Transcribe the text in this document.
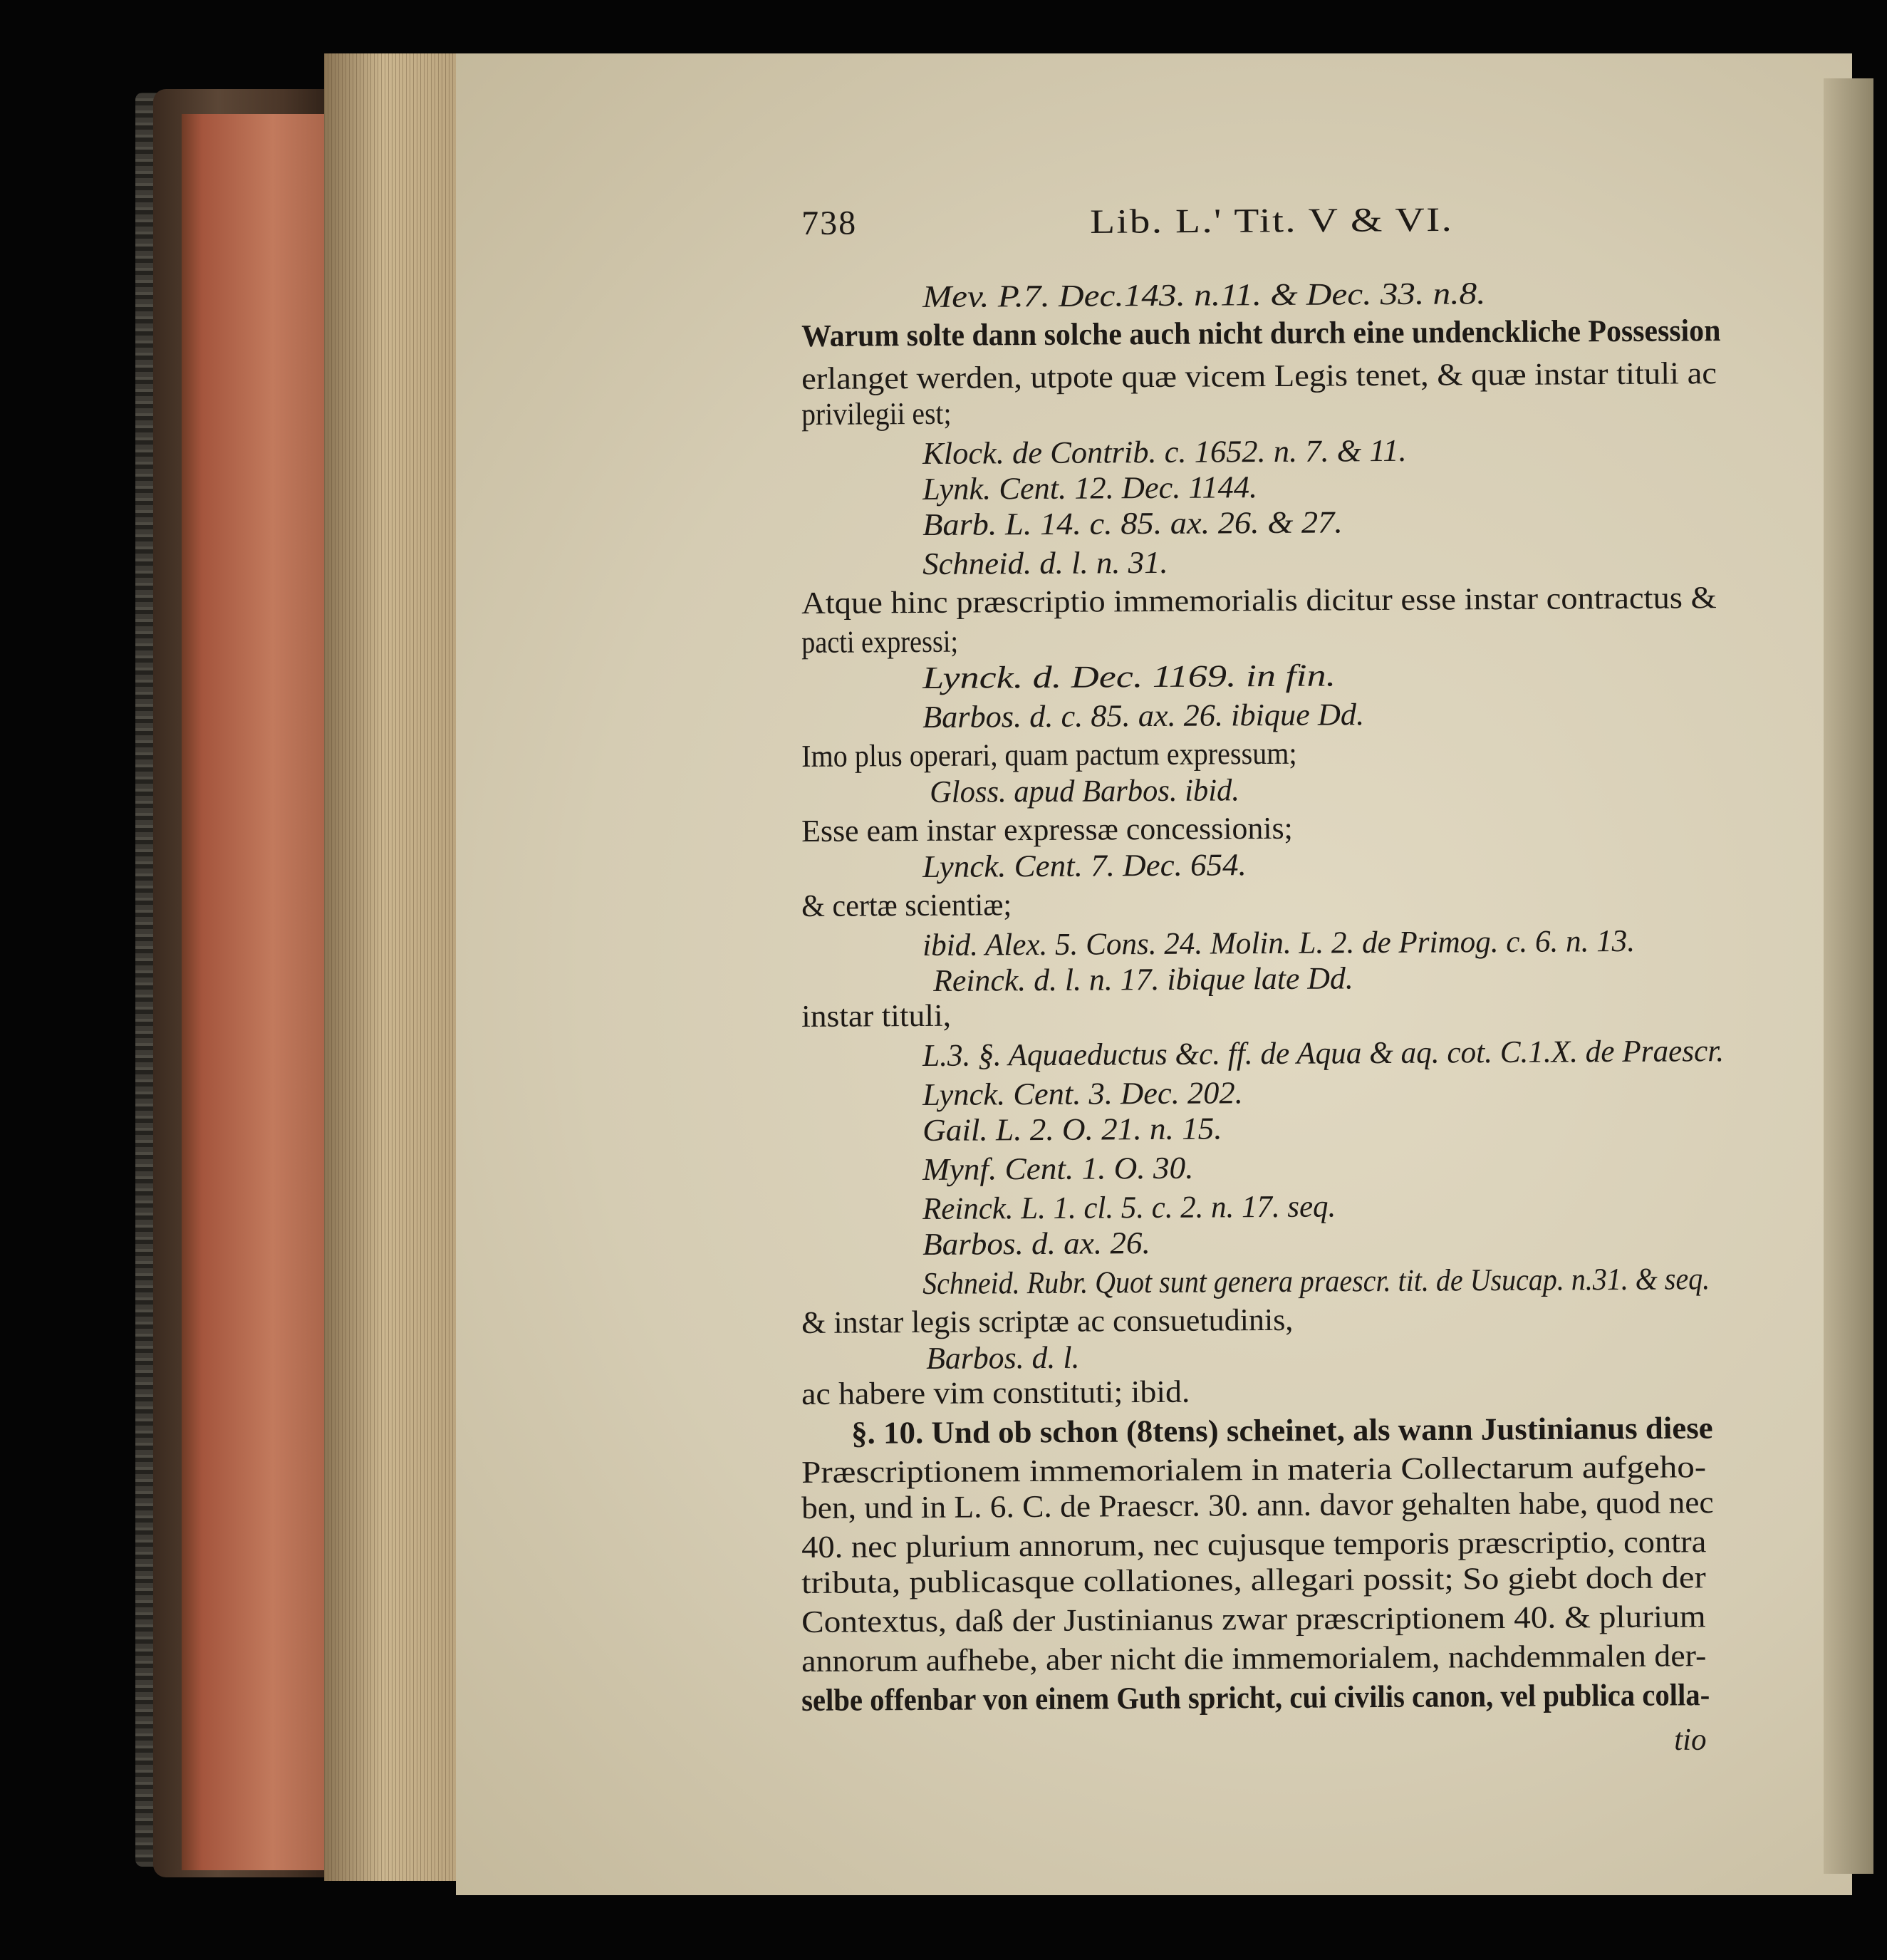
738	Lib. L.' Tit. V & VI.
Mev. P.7. Dec.143. n.11. & Dec. 33. n.8.
Warum solte dann solche auch nicht durch eine undenckliche Possession
erlanget werden, utpote quæ vicem Legis tenet, & quæ instar tituli ac
privilegii est;
Klock. de Contrib. c. 1652. n. 7. & 11.
Lynk. Cent. 12. Dec. 1144.
Barb. L. 14. c. 85. ax. 26. & 27.
Schneid. d. l. n. 31.
Atque hinc præscriptio immemorialis dicitur esse instar contractus &
pacti expressi;
Lynck. d. Dec. 1169. in fin.
Barbos. d. c. 85. ax. 26. ibique Dd.
Imo plus operari, quam pactum expressum;
Gloss. apud Barbos. ibid.
Esse eam instar expressæ concessionis;
Lynck. Cent. 7. Dec. 654.
& certæ scientiæ;
ibid. Alex. 5. Cons. 24. Molin. L. 2. de Primog. c. 6. n. 13.
Reinck. d. l. n. 17. ibique late Dd.
instar tituli,
L.3. §. Aquaeductus &c. ff. de Aqua & aq. cot. C.1.X. de Praescr.
Lynck. Cent. 3. Dec. 202.
Gail. L. 2. O. 21. n. 15.
Mynf. Cent. 1. O. 30.
Reinck. L. 1. cl. 5. c. 2. n. 17. seq.
Barbos. d. ax. 26.
Schneid. Rubr. Quot sunt genera praescr. tit. de Usucap. n.31. & seq.
& instar legis scriptæ ac consuetudinis,
Barbos. d. l.
ac habere vim constituti; ibid.
§. 10. Und ob schon (8tens) scheinet, als wann Justinianus diese
Præscriptionem immemorialem in materia Collectarum aufgeho-
ben, und in L. 6. C. de Praescr. 30. ann. davor gehalten habe, quod nec
40. nec plurium annorum, nec cujusque temporis præscriptio, contra
tributa, publicasque collationes, allegari possit; So giebt doch der
Contextus, daß der Justinianus zwar præscriptionem 40. & plurium
annorum aufhebe, aber nicht die immemorialem, nachdemmalen der-
selbe offenbar von einem Guth spricht, cui civilis canon, vel publica colla-
tio
